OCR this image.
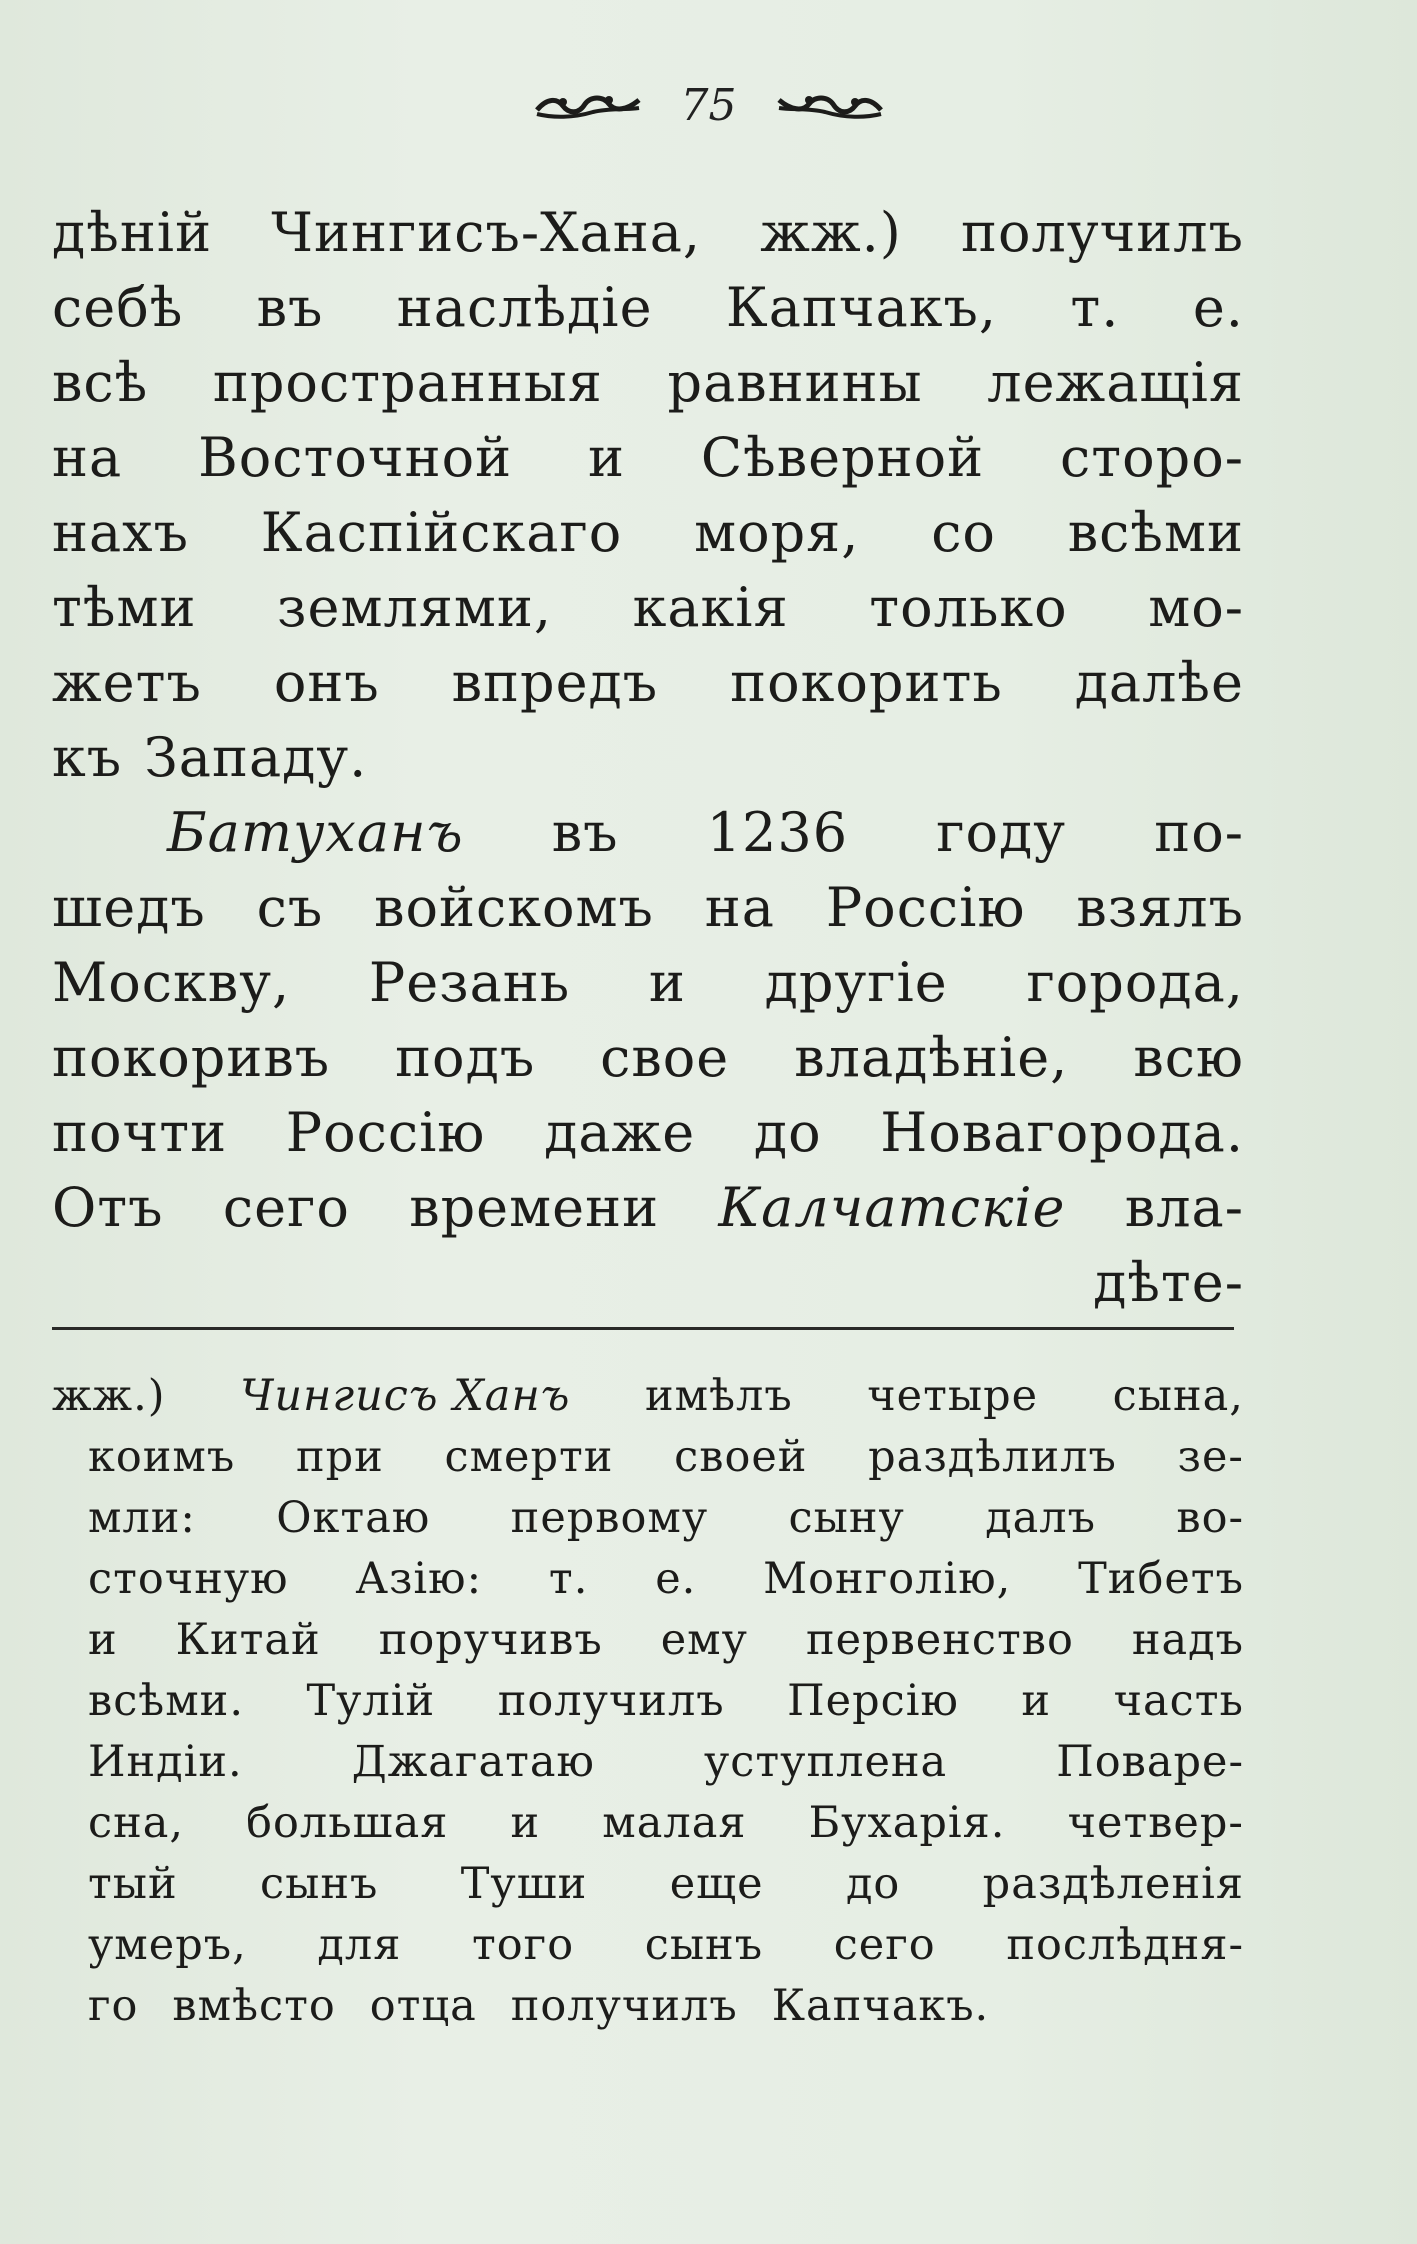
75
дѣній Чингисъ-Хана, жж.) получилъ
себѣ въ наслѣдіе Капчакъ, т. е.
всѣ пространныя равнины лежащія
на Восточной и Сѣверной сторо-
нахъ Каспійскаго моря, со всѣми
тѣми землями, какія только мо-
жетъ онъ впредъ покорить далѣе
къ Западу.
Батуханъ въ 1236 году по-
шедъ съ войскомъ на Россію взялъ
Москву, Резань и другіе города,
покоривъ подъ свое владѣніе, всю
почти Россію даже до Новагорода.
Отъ сего времени Калчатскіе вла-
дѣте-
жж.) Чингисъ Ханъ имѣлъ четыре сына,
коимъ при смерти своей раздѣлилъ зе-
мли: Октаю первому сыну далъ во-
сточную Азію: т. е. Монголію, Тибетъ
и Китай поручивъ ему первенство надъ
всѣми. Тулій получилъ Персію и часть
Индіи.	Джагатаю	уступлена	Поваре-
сна, большая и малая Бухарія. четвер-
тый сынъ Туши еще до раздѣленія
умеръ, для того сынъ сего послѣдня-
го вмѣсто отца получилъ Капчакъ.
